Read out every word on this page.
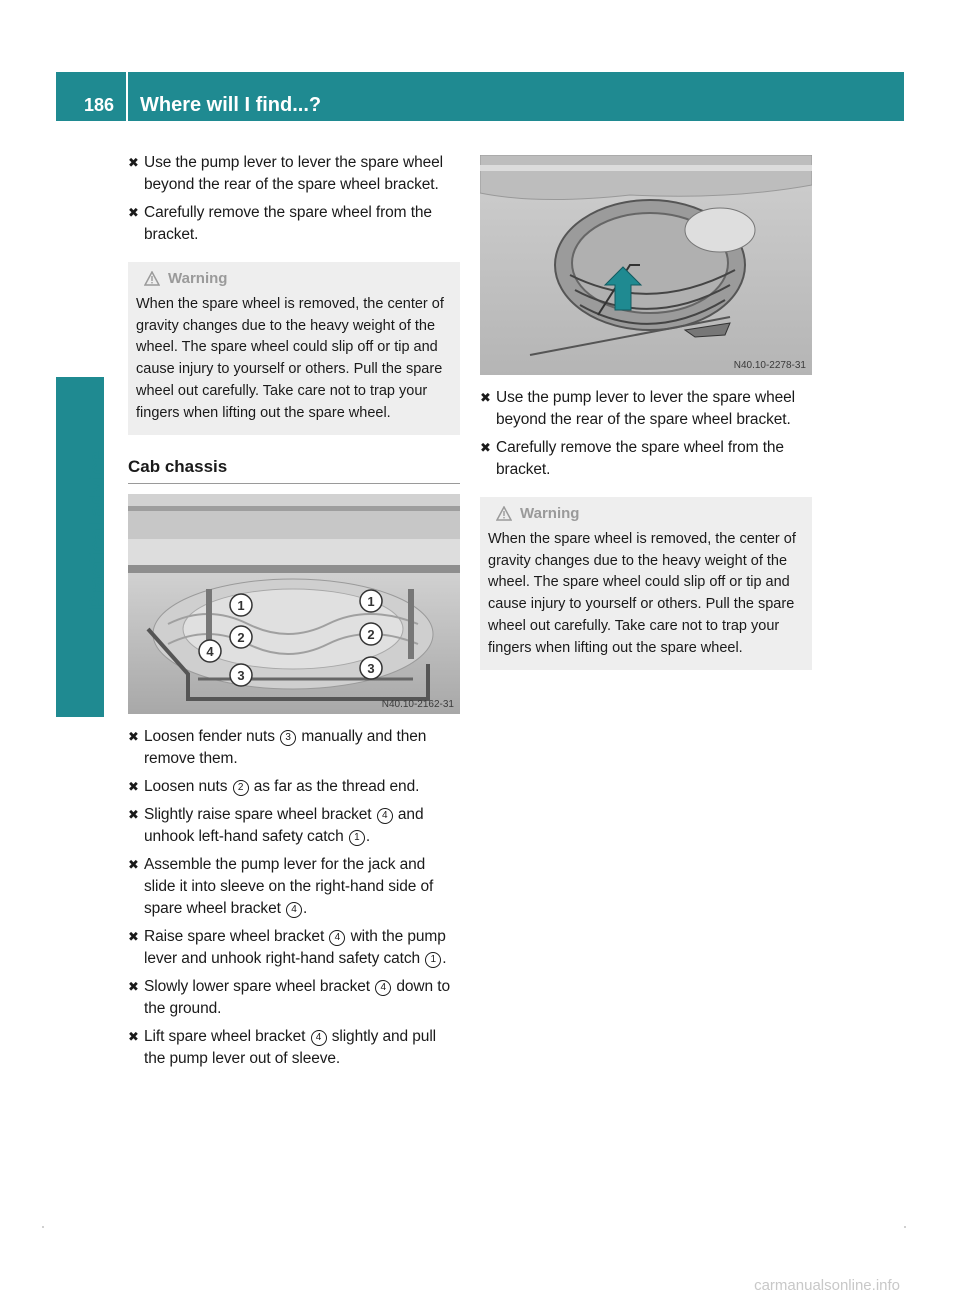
186 Where will I find...?
Practical advice
✖ Use the pump lever to lever the spare wheel beyond the rear of the spare wheel bracket.
✖ Carefully remove the spare wheel from the bracket.
Warning
When the spare wheel is removed, the center of gravity changes due to the heavy weight of the wheel. The spare wheel could slip off or tip and cause injury to yourself or others. Pull the spare wheel out carefully. Take care not to trap your fingers when lifting out the spare wheel.
Cab chassis
1
2
3
1
2
3
4
N40.10-2162-31
✖ Loosen fender nuts 3 manually and then remove them.
✖ Loosen nuts 2 as far as the thread end.
✖ Slightly raise spare wheel bracket 4 and unhook left-hand safety catch 1 .
✖ Assemble the pump lever for the jack and slide it into sleeve on the right-hand side of spare wheel bracket 4 .
✖ Raise spare wheel bracket 4 with the pump lever and unhook right-hand safety catch 1 .
✖ Slowly lower spare wheel bracket 4 down to the ground.
✖ Lift spare wheel bracket 4 slightly and pull the pump lever out of sleeve.
N40.10-2278-31
✖ Use the pump lever to lever the spare wheel beyond the rear of the spare wheel bracket.
✖ Carefully remove the spare wheel from the bracket.
Warning
When the spare wheel is removed, the center of gravity changes due to the heavy weight of the wheel. The spare wheel could slip off or tip and cause injury to yourself or others. Pull the spare wheel out carefully. Take care not to trap your fingers when lifting out the spare wheel.
carmanualsonline.info
